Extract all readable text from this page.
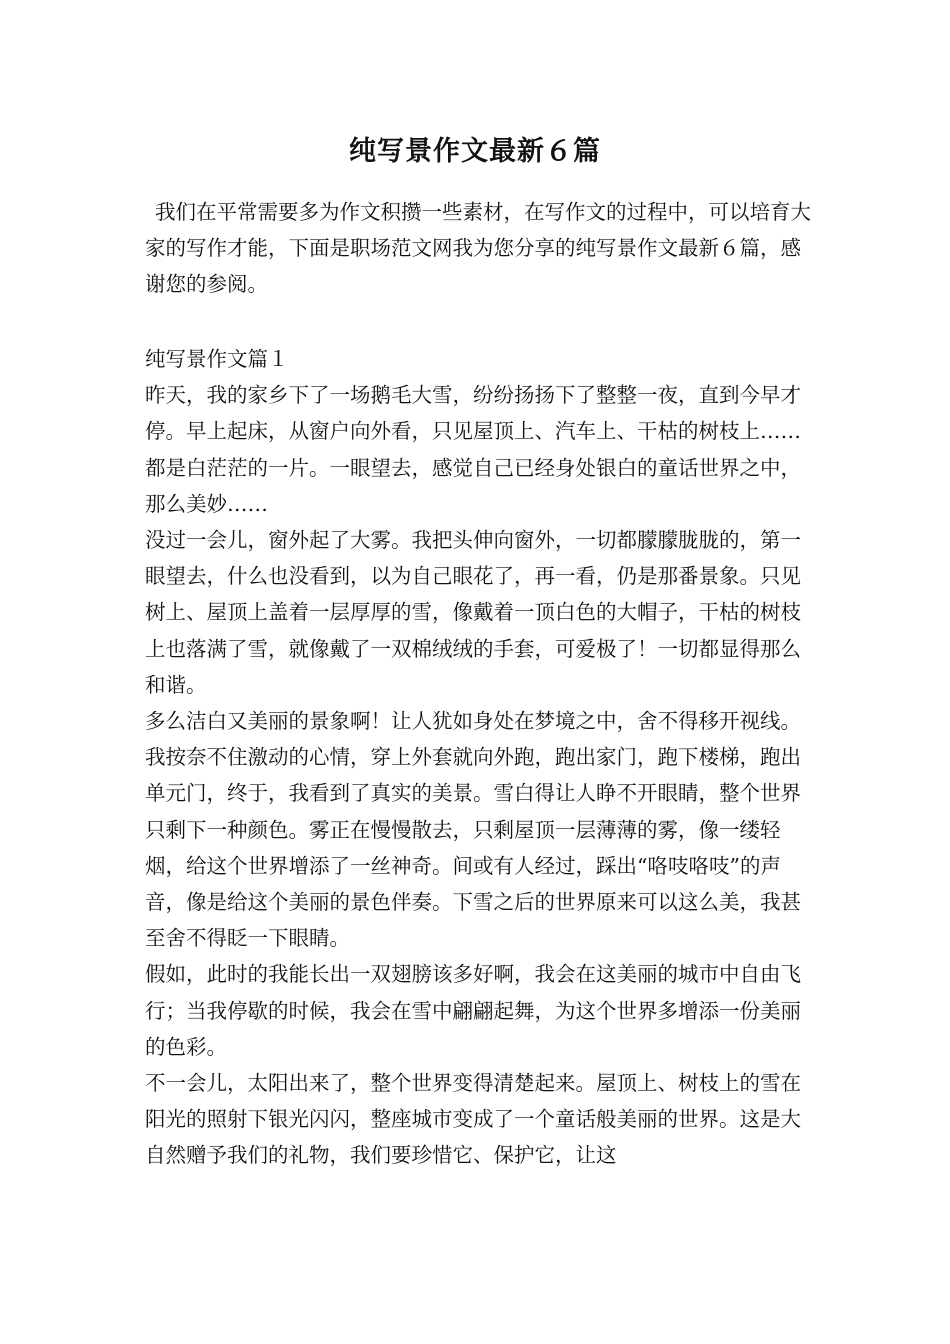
纯写景作文最新６篇

我们在平常需要多为作文积攒一些素材，在写作文的过程中，可以培育大家的写作才能，下面是职场范文网我为您分享的纯写景作文最新６篇，感谢您的参阅。

纯写景作文篇１

昨天，我的家乡下了一场鹅毛大雪，纷纷扬扬下了整整一夜，直到今早才停。早上起床，从窗户向外看，只见屋顶上、汽车上、干枯的树枝上……都是白茫茫的一片。一眼望去，感觉自己已经身处银白的童话世界之中，那么美妙……

没过一会儿，窗外起了大雾。我把头伸向窗外，一切都朦朦胧胧的，第一眼望去，什么也没看到，以为自己眼花了，再一看，仍是那番景象。只见树上、屋顶上盖着一层厚厚的雪，像戴着一顶白色的大帽子，干枯的树枝上也落满了雪，就像戴了一双棉绒绒的手套，可爱极了！一切都显得那么和谐。

多么洁白又美丽的景象啊！让人犹如身处在梦境之中，舍不得移开视线。我按奈不住激动的心情，穿上外套就向外跑，跑出家门，跑下楼梯，跑出单元门，终于，我看到了真实的美景。雪白得让人睁不开眼睛，整个世界只剩下一种颜色。雾正在慢慢散去，只剩屋顶一层薄薄的雾，像一缕轻烟，给这个世界增添了一丝神奇。间或有人经过，踩出“咯吱咯吱”的声音，像是给这个美丽的景色伴奏。下雪之后的世界原来可以这么美，我甚至舍不得眨一下眼睛。

假如，此时的我能长出一双翅膀该多好啊，我会在这美丽的城市中自由飞行；当我停歇的时候，我会在雪中翩翩起舞，为这个世界多增添一份美丽的色彩。

不一会儿，太阳出来了，整个世界变得清楚起来。屋顶上、树枝上的雪在阳光的照射下银光闪闪，整座城市变成了一个童话般美丽的世界。这是大自然赠予我们的礼物，我们要珍惜它、保护它，让这
